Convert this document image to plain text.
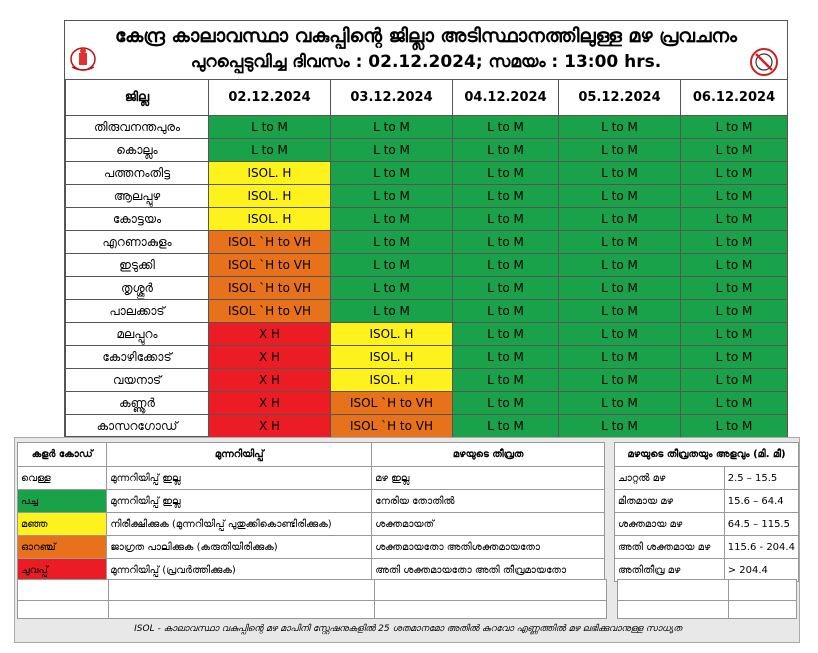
കേന്ദ്ര കാലാവസ്ഥാ വകുപ്പിന്റെ ജില്ലാ അടിസ്ഥാനത്തിലുള്ള മഴ പ്രവചനം
പുറപ്പെടുവിച്ച ദിവസം : 02.12.2024; സമയം : 13:00 hrs.
ജില്ല	02.12.2024	03.12.2024	04.12.2024	05.12.2024	06.12.2024
തിരുവനന്തപുരം	L to M	L to M	L to M	L to M	L to M
കൊല്ലം	L to M	L to M	L to M	L to M	L to M
പത്തനംതിട്ട	ISOL. H	L to M	L to M	L to M	L to M
ആലപ്പുഴ	ISOL. H	L to M	L to M	L to M	L to M
കോട്ടയം	ISOL. H	L to M	L to M	L to M	L to M
എറണാകുളം	ISOL `H to VH	L to M	L to M	L to M	L to M
ഇടുക്കി	ISOL `H to VH	L to M	L to M	L to M	L to M
തൃശ്ശൂർ	ISOL `H to VH	L to M	L to M	L to M	L to M
പാലക്കാട്	ISOL `H to VH	L to M	L to M	L to M	L to M
മലപ്പുറം	X H	ISOL. H	L to M	L to M	L to M
കോഴിക്കോട്	X H	ISOL. H	L to M	L to M	L to M
വയനാട്	X H	ISOL. H	L to M	L to M	L to M
കണ്ണൂർ	X H	ISOL `H to VH	L to M	L to M	L to M
കാസറഗോഡ്	X H	ISOL `H to VH	L to M	L to M	L to M
കളർ കോഡ്	മുന്നറിയിപ്പ്	മഴയുടെ തീവ്രത		മഴയുടെ തീവ്രതയും അളവും (മി. മീ)	
വെള്ള	മുന്നറിയിപ്പ് ഇല്ല	മഴ ഇല്ല		ചാറ്റൽ മഴ	2.5 – 15.5
പച്ച	മുന്നറിയിപ്പ് ഇല്ല	നേരിയ തോതിൽ		മിതമായ മഴ	15.6 – 64.4
മഞ്ഞ	നിരീക്ഷിക്കുക (മുന്നറിയിപ്പ് പുതുക്കികൊണ്ടിരിക്കുക)	ശക്തമായത്		ശക്തമായ മഴ	64.5 – 115.5
ഓറഞ്ച്	ജാഗ്രത പാലിക്കുക (കരുതിയിരിക്കുക)	ശക്തമായതോ അതിശക്തമായതോ		അതി ശക്തമായ മഴ	115.6 - 204.4
ചുവപ്പ്	മുന്നറിയിപ്പ് (പ്രവർത്തിക്കുക)	അതി ശക്തമായതോ അതി തീവ്രമായതോ		അതിതീവ്ര മഴ	> 204.4
ISOL - കാലാവസ്ഥാ വകുപ്പിന്റെ മഴ മാപിനി സ്റ്റേഷനുകളിൽ 25 ശതമാനമോ അതിൽ കുറവോ എണ്ണത്തിൽ മഴ ലഭിക്കുവാനുള്ള സാധ്യത
